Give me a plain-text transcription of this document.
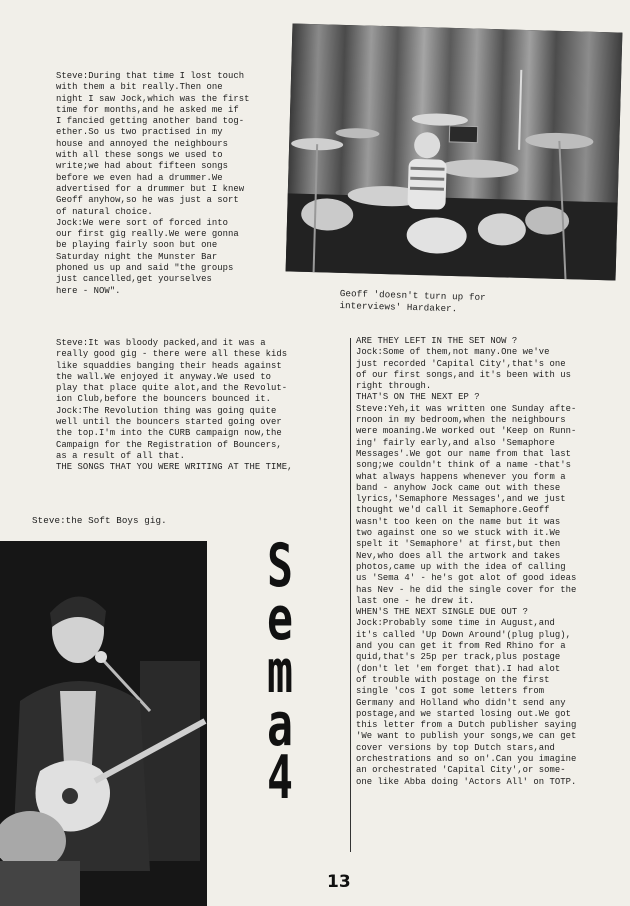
Geoff 'doesn't turn up for
interviews' Hardaker.
Steve:During that time I lost touch
with them a bit really.Then one
night I saw Jock,which was the first
time for months,and he asked me if
I fancied getting another band tog-
ether.So us two practised in my
house and annoyed the neighbours
with all these songs we used to
write;we had about fifteen songs
before we even had a drummer.We
advertised for a drummer but I knew
Geoff anyhow,so he was just a sort
of natural choice.
Jock:We were sort of forced into
our first gig really.We were gonna
be playing fairly soon but one
Saturday night the Munster Bar
phoned us up and said "the groups
just cancelled,get yourselves
here - NOW".
Steve:It was bloody packed,and it was a
really good gig - there were all these kids
like squaddies banging their heads against
the wall.We enjoyed it anyway.We used to
play that place quite alot,and the Revolut-
ion Club,before the bouncers bounced it.
Jock:The Revolution thing was going quite
well until the bouncers started going over
the top.I'm into the CURB campaign now,the
Campaign for the Registration of Bouncers,
as a result of all that.
THE SONGS THAT YOU WERE WRITING AT THE TIME,
ARE THEY LEFT IN THE SET NOW ?
Jock:Some of them,not many.One we've
just recorded 'Capital City',that's one
of our first songs,and it's been with us
right through.
THAT'S ON THE NEXT EP ?
Steve:Yeh,it was written one Sunday afte-
rnoon in my bedroom,when the neighbours
were moaning.We worked out 'Keep on Runn-
ing' fairly early,and also 'Semaphore
Messages'.We got our name from that last
song;we couldn't think of a name -that's
what always happens whenever you form a
band - anyhow Jock came out with these
lyrics,'Semaphore Messages',and we just
thought we'd call it Semaphore.Geoff
wasn't too keen on the name but it was
two against one so we stuck with it.We
spelt it 'Semaphore' at first,but then
Nev,who does all the artwork and takes
photos,came up with the idea of calling
us 'Sema 4' - he's got alot of good ideas
has Nev - he did the single cover for the
last one - he drew it.
WHEN'S THE NEXT SINGLE DUE OUT ?
Jock:Probably some time in August,and
it's called 'Up Down Around'(plug plug),
and you can get it from Red Rhino for a
quid,that's 25p per track,plus postage
(don't let 'em forget that).I had alot
of trouble with postage on the first
single 'cos I got some letters from
Germany and Holland who didn't send any
postage,and we started losing out.We got
this letter from a Dutch publisher saying
'We want to publish your songs,we can get
cover versions by top Dutch stars,and
orchestrations and so on'.Can you imagine
an orchestrated 'Capital City',or some-
one like Abba doing 'Actors All' on TOTP.
Steve:the Soft Boys gig.
S
e
m
a
4
13
